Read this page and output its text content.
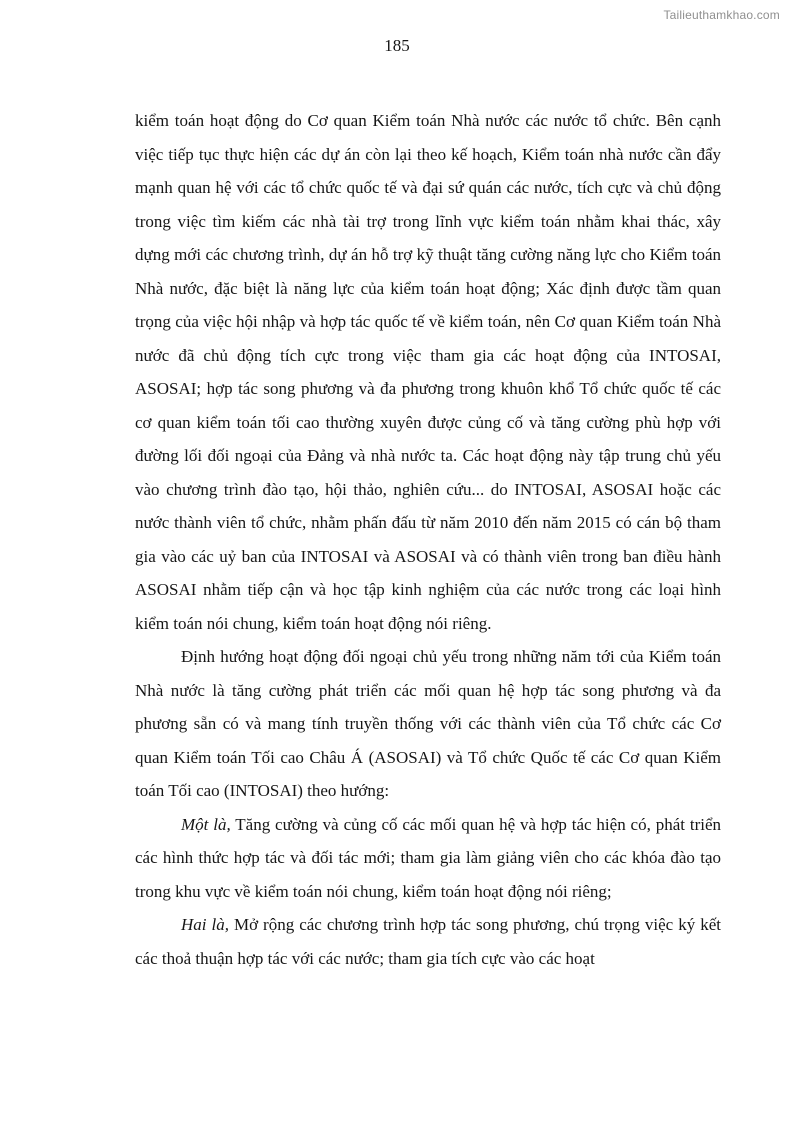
Tailieuthamkhao.com
185

kiểm toán hoạt động do Cơ quan Kiểm toán Nhà nước các nước tổ chức. Bên cạnh việc tiếp tục thực hiện các dự án còn lại theo kế hoạch, Kiểm toán nhà nước cần đẩy mạnh quan hệ với các tổ chức quốc tế và đại sứ quán các nước, tích cực và chủ động trong việc tìm kiếm các nhà tài trợ trong lĩnh vực kiểm toán nhằm khai thác, xây dựng mới các chương trình, dự án hỗ trợ kỹ thuật tăng cường năng lực cho Kiểm toán Nhà nước, đặc biệt là năng lực của kiểm toán hoạt động; Xác định được tầm quan trọng của việc hội nhập và hợp tác quốc tế về kiểm toán, nên Cơ quan Kiểm toán Nhà nước đã chủ động tích cực trong việc tham gia các hoạt động của INTOSAI, ASOSAI; hợp tác song phương và đa phương trong khuôn khổ Tổ chức quốc tế các cơ quan kiểm toán tối cao thường xuyên được củng cố và tăng cường phù hợp với đường lối đối ngoại của Đảng và nhà nước ta. Các hoạt động này tập trung chủ yếu vào chương trình đào tạo, hội thảo, nghiên cứu... do INTOSAI, ASOSAI hoặc các nước thành viên tổ chức, nhằm phấn đấu từ năm 2010 đến năm 2015 có cán bộ tham gia vào các uỷ ban của INTOSAI và ASOSAI và có thành viên trong ban điều hành ASOSAI nhằm tiếp cận và học tập kinh nghiệm của các nước trong các loại hình kiểm toán nói chung, kiểm toán hoạt động nói riêng.

Định hướng hoạt động đối ngoại chủ yếu trong những năm tới của Kiểm toán Nhà nước là tăng cường phát triển các mối quan hệ hợp tác song phương và đa phương sẵn có và mang tính truyền thống với các thành viên của Tổ chức các Cơ quan Kiểm toán Tối cao Châu Á (ASOSAI) và Tổ chức Quốc tế các Cơ quan Kiểm toán Tối cao (INTOSAI) theo hướng:

Một là, Tăng cường và củng cố các mối quan hệ và hợp tác hiện có, phát triển các hình thức hợp tác và đối tác mới; tham gia làm giảng viên cho các khóa đào tạo trong khu vực về kiểm toán nói chung, kiểm toán hoạt động nói riêng;

Hai là, Mở rộng các chương trình hợp tác song phương, chú trọng việc ký kết các thoả thuận hợp tác với các nước; tham gia tích cực vào các hoạt
